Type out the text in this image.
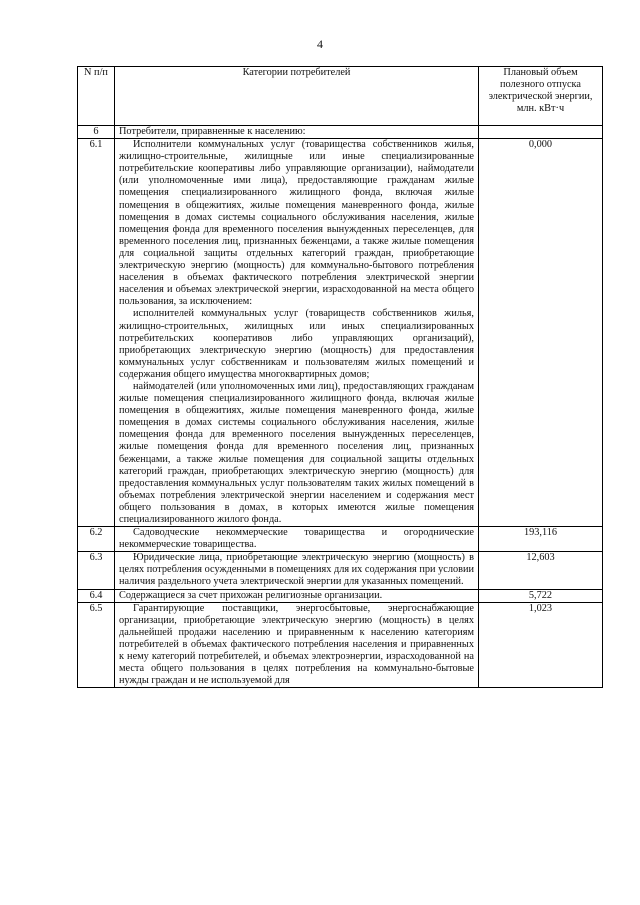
4
N п/п	Категории потребителей	Плановый объем полезного отпуска электрической энергии, млн. кВт·ч
6	Потребители, приравненные к населению:	

6.1	Исполнители коммунальных услуг (товарищества собственников жилья, жилищно-строительные, жилищные или иные специализированные потребительские кооперативы либо управляющие организации), наймодатели (или уполномоченные ими лица), предоставляющие гражданам жилые помещения специализированного жилищного фонда, включая жилые помещения в общежитиях, жилые помещения маневренного фонда, жилые помещения в домах системы социального обслуживания населения, жилые помещения фонда для временного поселения вынужденных переселенцев, для временного поселения лиц, признанных беженцами, а также жилые помещения для социальной защиты отдельных категорий граждан, приобретающие электрическую энергию (мощность) для коммунально-бытового потребления населения в объемах фактического потребления электрической энергии населения и объемах электрической энергии, израсходованной на места общего пользования, за исключением:
исполнителей коммунальных услуг (товариществ собственников жилья, жилищно-строительных, жилищных или иных специализированных потребительских кооперативов либо управляющих организаций), приобретающих электрическую энергию (мощность) для предоставления коммунальных услуг собственникам и пользователям жилых помещений и содержания общего имущества многоквартирных домов;
наймодателей (или уполномоченных ими лиц), предоставляющих гражданам жилые помещения специализированного жилищного фонда, включая жилые помещения в общежитиях, жилые помещения маневренного фонда, жилые помещения в домах системы социального обслуживания населения, жилые помещения фонда для временного поселения вынужденных переселенцев, жилые помещения фонда для временного поселения лиц, признанных беженцами, а также жилые помещения для социальной защиты отдельных категорий граждан, приобретающих электрическую энергию (мощность) для предоставления коммунальных услуг пользователям таких жилых помещений в объемах потребления электрической энергии населением и содержания мест общего пользования в домах, в которых имеются жилые помещения специализированного жилого фонда.	0,000
6.2	Садоводческие некоммерческие товарищества и огороднические некоммерческие товарищества.	193,116
6.3	Юридические лица, приобретающие электрическую энергию (мощность) в целях потребления осужденными в помещениях для их содержания при условии наличия раздельного учета электрической энергии для указанных помещений.	12,603
6.4	Содержащиеся за счет прихожан религиозные организации.	5,722
6.5	Гарантирующие поставщики, энергосбытовые, энергоснабжающие организации, приобретающие электрическую энергию (мощность) в целях дальнейшей продажи населению и приравненным к населению категориям потребителей в объемах фактического потребления населения и приравненных к нему категорий потребителей, и объемах электроэнергии, израсходованной на места общего пользования в целях потребления на коммунально-бытовые нужды граждан и не используемой для	1,023
